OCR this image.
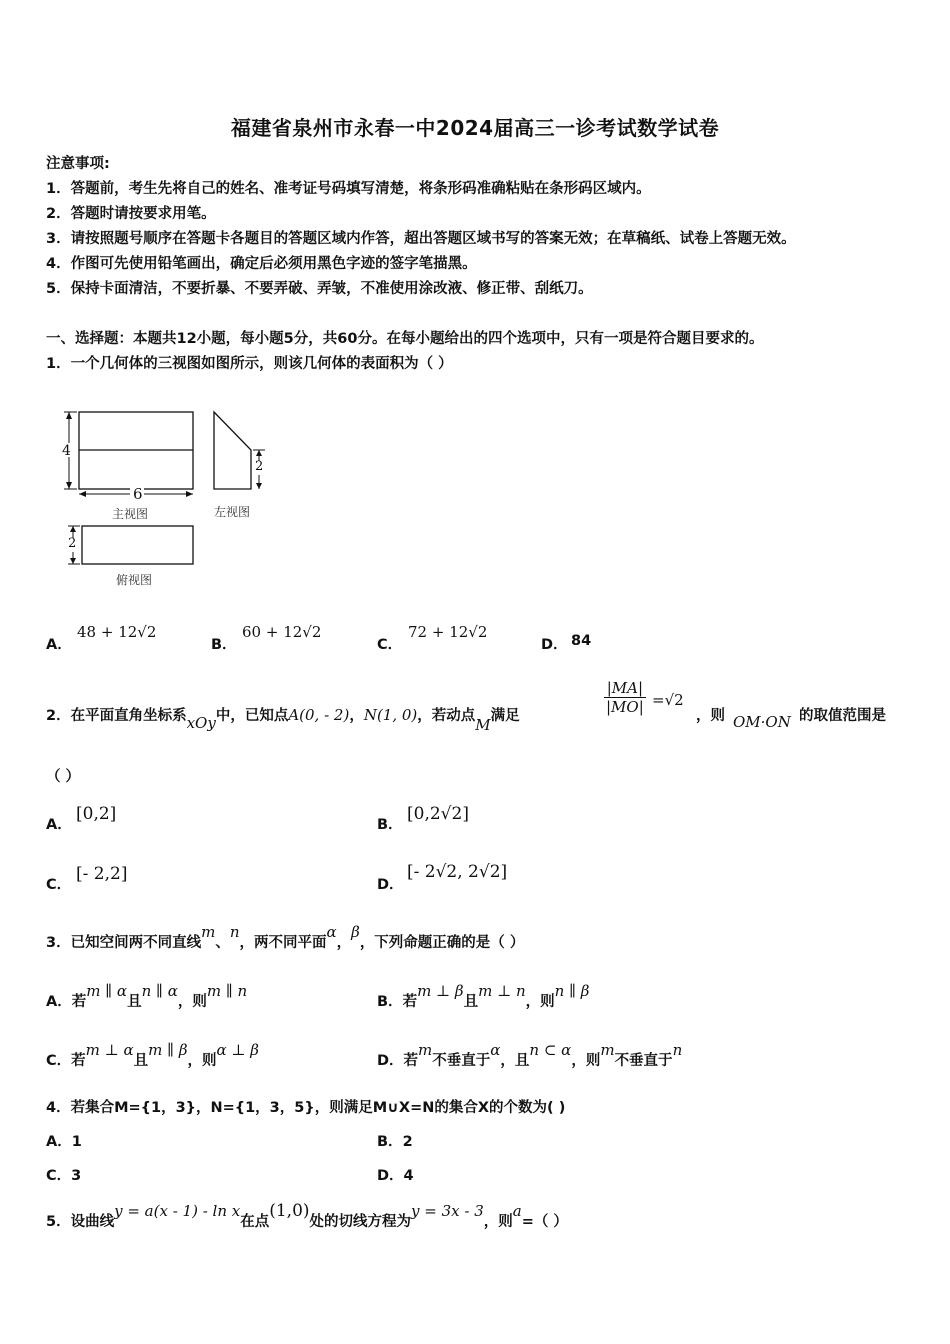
福建省泉州市永春一中2024届高三一诊考试数学试卷
注意事项:
1．答题前，考生先将自己的姓名、准考证号码填写清楚，将条形码准确粘贴在条形码区域内。
2．答题时请按要求用笔。
3．请按照题号顺序在答题卡各题目的答题区域内作答，超出答题区域书写的答案无效；在草稿纸、试卷上答题无效。
4．作图可先使用铅笔画出，确定后必须用黑色字迹的签字笔描黑。
5．保持卡面清洁，不要折暴、不要弄破、弄皱，不准使用涂改液、修正带、刮纸刀。
一、选择题：本题共12小题，每小题5分，共60分。在每小题给出的四个选项中，只有一项是符合题目要求的。
1．一个几何体的三视图如图所示，则该几何体的表面积为（ ）
4
6
2
2
主视图	左视图
俯视图
A．
48 + 12√2
B．
60 + 12√2
C．
72 + 12√2
D． 84
2．在平面直角坐标系xOy中，已知点A(0, - 2)，N(1, 0)，若动点M满足	$\frac{|MA|}{|MO|} =√2$
，则 OM·ON 的取值范围是
（ ）
A．
[0,2]
B．
[0,2√2]
C．
[- 2,2]
D．
[- 2√2, 2√2]
3．已知空间两不同直线m、n，两不同平面α，β，下列命题正确的是（ ）
A．若m ∥ α且n ∥ α，则m ∥ n
B．若m ⊥ β且m ⊥ n，则n ∥ β
C．若m ⊥ α且m ∥ β，则α ⊥ β
D．若m不垂直于α，且n ⊂ α，则m不垂直于n
4．若集合M={1，3}，N={1，3，5}，则满足M∪X=N的集合X的个数为( )
A．1	B．2
C．3	D．4
5．设曲线y = a(x - 1) - ln x在点(1,0)处的切线方程为y = 3x - 3，则a=（ ）
